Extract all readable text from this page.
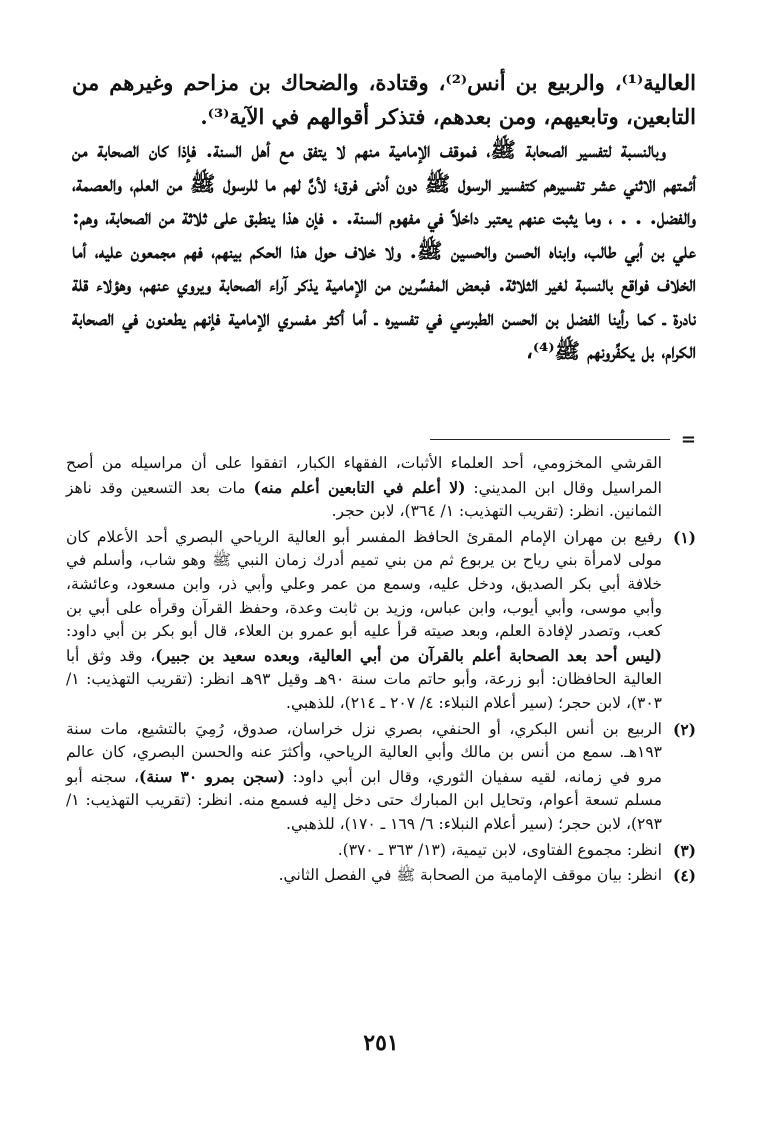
العالية⁽¹⁾، والربيع بن أنس⁽²⁾، وقتادة، والضحاك بن مزاحم وغيرهم من التابعين، وتابعيهم، ومن بعدهم، فتذكر أقوالهم في الآية⁽³⁾.

وبالنسبة لتفسير الصحابة ﷺ، فموقف الإمامية منهم لا يتفق مع أهل السنة. فإذا كان الصحابة من أئمتهم الاثني عشر تفسيرهم كتفسير الرسول ﷺ دون أدنى فرق؛ لأنَّ لهم ما للرسول ﷺ من العلم، والعصمة، والفضل. . . ، وما يثبت عنهم يعتبر داخلاً في مفهوم السنة. . فإن هذا ينطبق على ثلاثة من الصحابة، وهم: علي بن أبي طالب، وابناه الحسن والحسين ﷺ. ولا خلاف حول هذا الحكم بينهم، فهم مجمعون عليه، أما الخلاف فواقع بالنسبة لغير الثلاثة. فبعض المفسِّرين من الإمامية يذكر آراء الصحابة ويروي عنهم، وهؤلاء قلة نادرة ـ كما رأينا الفضل بن الحسن الطبرسي في تفسيره ـ أما أكثر مفسري الإمامية فإنهم يطعنون في الصحابة الكرام، بل يكفِّرونهم ﷺ⁽⁴⁾،

=
القرشي المخزومي، أحد العلماء الأثبات، الفقهاء الكبار، اتفقوا على أن مراسيله من أصح المراسيل وقال ابن المديني: (لا أعلم في التابعين أعلم منه) مات بعد التسعين وقد ناهز الثمانين. انظر: (تقريب التهذيب: ١/ ٣٦٤)، لابن حجر.
(١)
رفيع بن مهران الإمام المقرئ الحافظ المفسر أبو العالية الرياحي البصري أحد الأعلام كان مولى لامرأة بني رياح بن يربوع ثم من بني تميم أدرك زمان النبي ﷺ وهو شاب، وأسلم في خلافة أبي بكر الصديق، ودخل عليه، وسمع من عمر وعلي وأبي ذر، وابن مسعود، وعائشة، وأبي موسى، وأبي أيوب، وابن عباس، وزيد بن ثابت وعدة، وحفظ القرآن وقرأه على أبي بن كعب، وتصدر لإفادة العلم، وبعد صيته قرأ عليه أبو عمرو بن العلاء، قال أبو بكر بن أبي داود: (ليس أحد بعد الصحابة أعلم بالقرآن من أبي العالية، وبعده سعيد بن جبير)، وقد وثق أبا العالية الحافظان: أبو زرعة، وأبو حاتم مات سنة ٩٠هـ وقيل ٩٣هـ انظر: (تقريب التهذيب: ١/ ٣٠٣)، لابن حجر؛ (سير أعلام النبلاء: ٤/ ٢٠٧ ـ ٢١٤)، للذهبي.
(٢)
الربيع بن أنس البكري، أو الحنفي، بصري نزل خراسان، صدوق، رُمِيَ بالتشيع، مات سنة ١٩٣هـ. سمع من أنس بن مالك وأبي العالية الرياحي، وأكثرَ عنه والحسن البصري، كان عالم مرو في زمانه، لقيه سفيان الثوري، وقال ابن أبي داود: (سجن بمرو ٣٠ سنة)، سجنه أبو مسلم تسعة أعوام، وتحايل ابن المبارك حتى دخل إليه فسمع منه. انظر: (تقريب التهذيب: ١/ ٢٩٣)، لابن حجر؛ (سير أعلام النبلاء: ٦/ ١٦٩ ـ ١٧٠)، للذهبي.
(٣)
انظر: مجموع الفتاوى، لابن تيمية، (١٣/ ٣٦٣ ـ ٣٧٠).
(٤)
انظر: بيان موقف الإمامية من الصحابة ﷺ في الفصل الثاني.
٢٥١
